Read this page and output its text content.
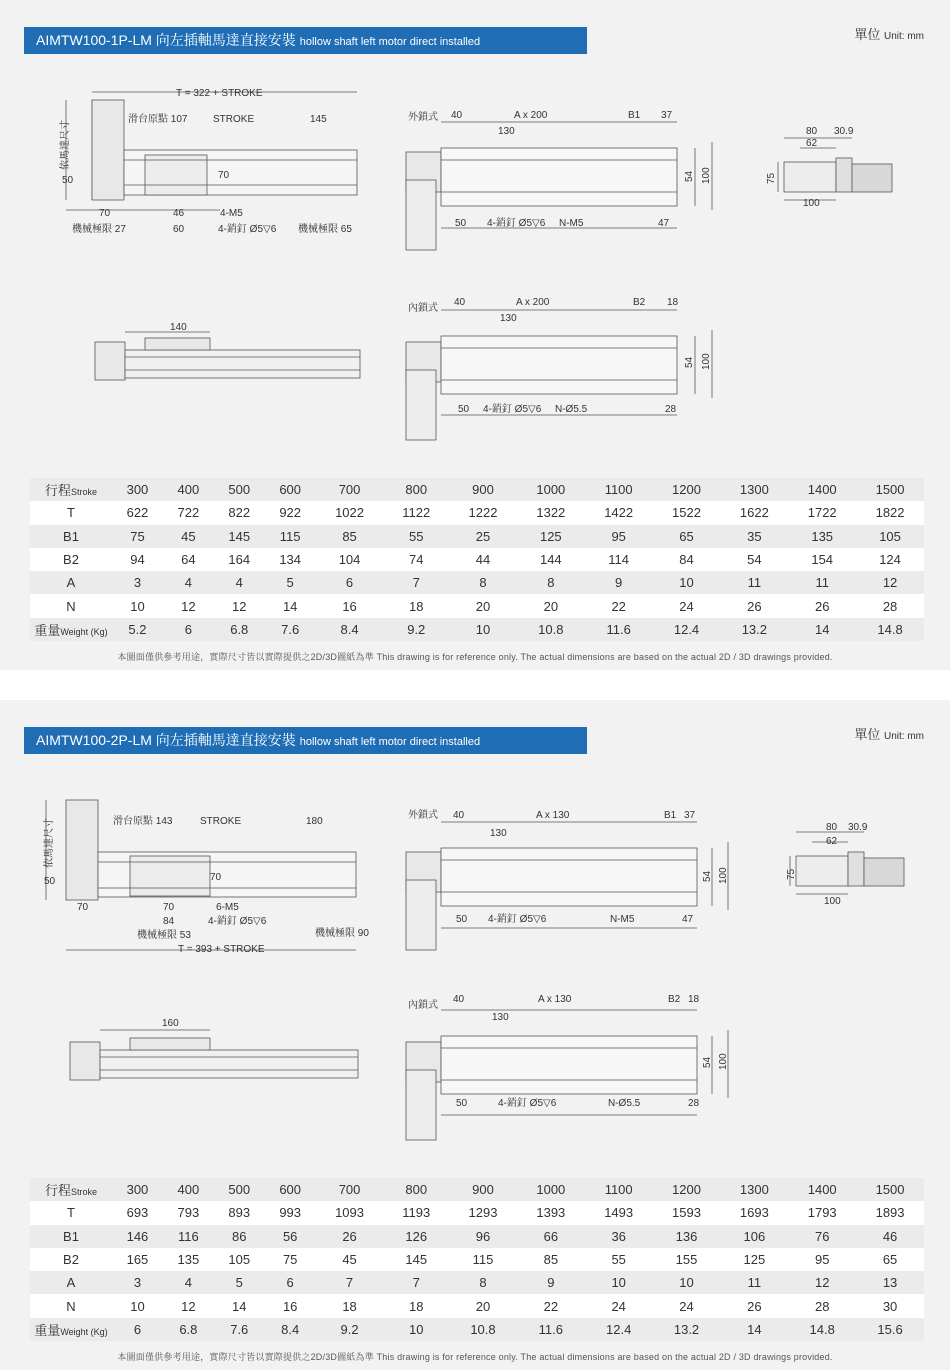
AIMTW100-1P-LM 向左插軸馬達直接安裝 hollow shaft left motor direct installed	單位 Unit: mm
T = 322 + STROKE
依馬達尺寸
滑台原點 107	STROKE	145
50
70
70
46	4-M5
60	4-銷釘 Ø5▽6
機械極限 27	機械極限 65
140
外鎖式 40	A x 200	B1 37
130
54 100
50 4-銷釘 Ø5▽6 N-M5	47
內鎖式
40	A x 200	B2 18
130
54 100
50 4-銷釘 Ø5▽6 N-Ø5.5	28
80 30.9
62
75
100
行程Stroke	300	400	500	600	700	800	900	1000	1100	1200	1300	1400	1500
T	622	722	822	922	1022	1122	1222	1322	1422	1522	1622	1722	1822
B1	75	45	145	115	85	55	25	125	95	65	35	135	105
B2	94	64	164	134	104	74	44	144	114	84	54	154	124
A	3	4	4	5	6	7	8	8	9	10	11	11	12
N	10	12	12	14	16	18	20	20	22	24	26	26	28
重量Weight (Kg)	5.2	6	6.8	7.6	8.4	9.2	10	10.8	11.6	12.4	13.2	14	14.8
本圖面僅供參考用途，實際尺寸皆以實際提供之2D/3D圖紙為準 This drawing is for reference only. The actual dimensions are based on the actual 2D / 3D drawings provided.
AIMTW100-2P-LM 向左插軸馬達直接安裝 hollow shaft left motor direct installed	單位 Unit: mm
T = 393 + STROKE
依馬達尺寸	滑台原點 143	STROKE	180
50
70
70
70	6-M5
84	4-銷釘 Ø5▽6
機械極限 53	機械極限 90
160
外鎖式 40	A x 130	B1 37
130
54 100
50 4-銷釘 Ø5▽6	N-M5	47
內鎖式
40	A x 130	B2 18
130
54 100
50	4-銷釘 Ø5▽6	N-Ø5.5	28
80 30.9
62
75
100
行程Stroke	300	400	500	600	700	800	900	1000	1100	1200	1300	1400	1500
T	693	793	893	993	1093	1193	1293	1393	1493	1593	1693	1793	1893
B1	146	116	86	56	26	126	96	66	36	136	106	76	46
B2	165	135	105	75	45	145	115	85	55	155	125	95	65
A	3	4	5	6	7	7	8	9	10	10	11	12	13
N	10	12	14	16	18	18	20	22	24	24	26	28	30
重量Weight (Kg)	6	6.8	7.6	8.4	9.2	10	10.8	11.6	12.4	13.2	14	14.8	15.6
本圖面僅供參考用途，實際尺寸皆以實際提供之2D/3D圖紙為準 This drawing is for reference only. The actual dimensions are based on the actual 2D / 3D drawings provided.
